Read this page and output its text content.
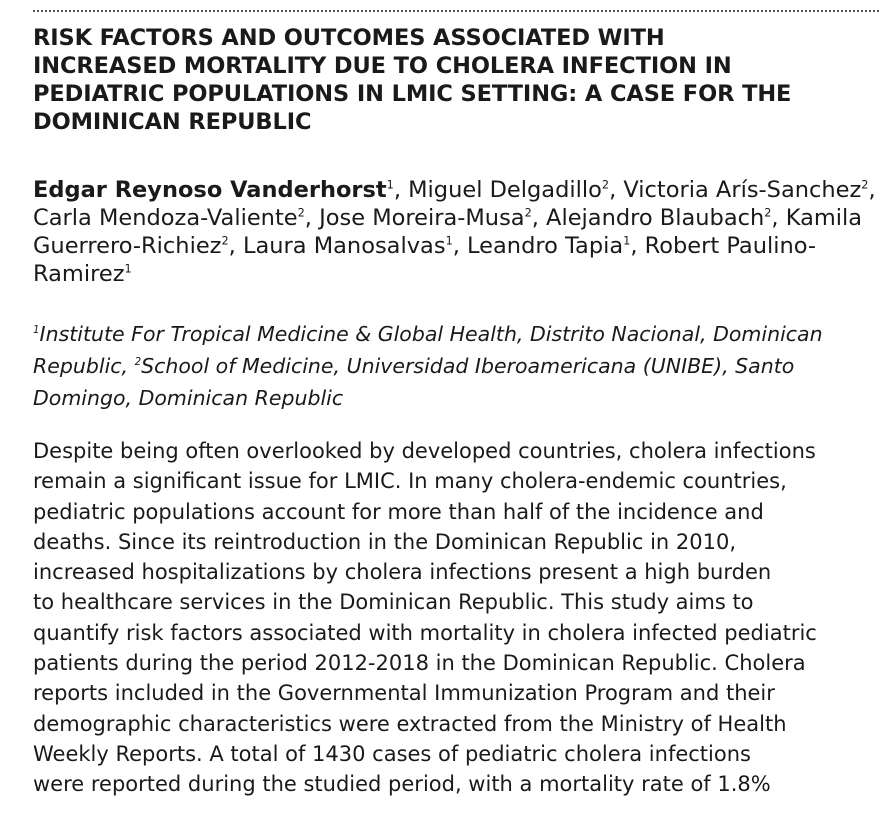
RISK FACTORS AND OUTCOMES ASSOCIATED WITH
INCREASED MORTALITY DUE TO CHOLERA INFECTION IN
PEDIATRIC POPULATIONS IN LMIC SETTING: A CASE FOR THE
DOMINICAN REPUBLIC

Edgar Reynoso Vanderhorst$^1$, Miguel Delgadillo$^2$, Victoria Arís-Sanchez$^2$, Carla Mendoza-Valiente$^2$, Jose Moreira-Musa$^2$, Alejandro Blaubach$^2$, Kamila Guerrero-Richiez$^2$, Laura Manosalvas$^1$, Leandro Tapia$^1$, Robert Paulino-Ramirez$^1$

$^1$Institute For Tropical Medicine & Global Health, Distrito Nacional, Dominican Republic, $^2$School of Medicine, Universidad Iberoamericana (UNIBE), Santo Domingo, Dominican Republic

Despite being often overlooked by developed countries, cholera infections
remain a significant issue for LMIC. In many cholera-endemic countries,
pediatric populations account for more than half of the incidence and
deaths. Since its reintroduction in the Dominican Republic in 2010,
increased hospitalizations by cholera infections present a high burden
to healthcare services in the Dominican Republic. This study aims to
quantify risk factors associated with mortality in cholera infected pediatric
patients during the period 2012-2018 in the Dominican Republic. Cholera
reports included in the Governmental Immunization Program and their
demographic characteristics were extracted from the Ministry of Health
Weekly Reports. A total of 1430 cases of pediatric cholera infections
were reported during the studied period, with a mortality rate of 1.8%
